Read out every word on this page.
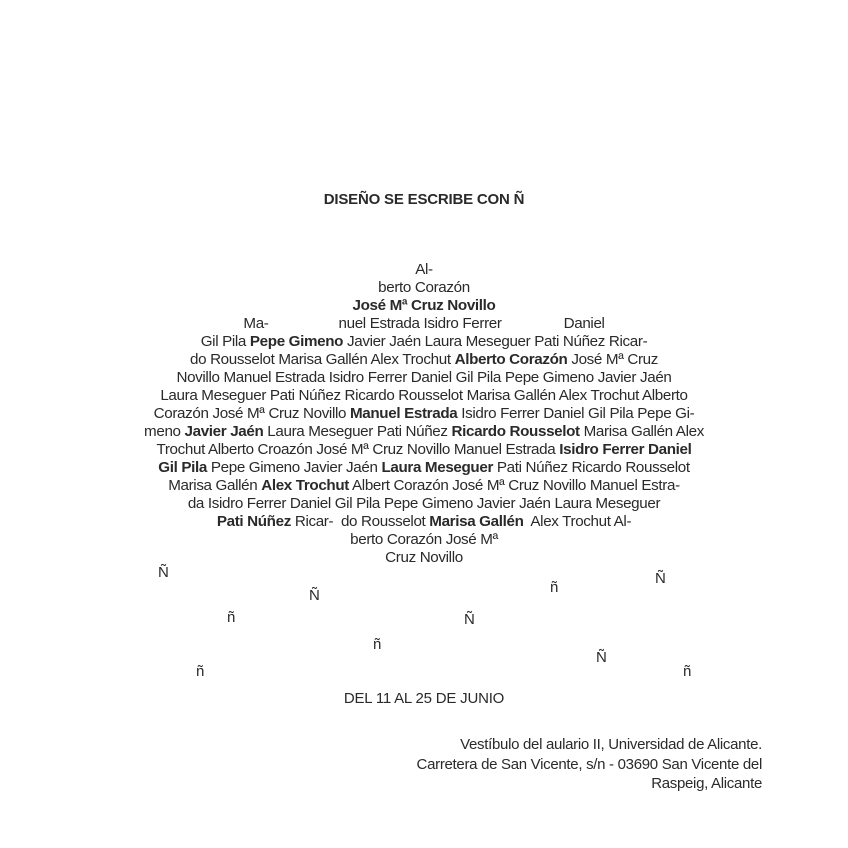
DISEÑO SE ESCRIBE CON Ñ
Al-
berto Corazón
José Mª Cruz Novillo
Ma-	nuel Estrada Isidro Ferrer	Daniel
Gil Pila Pepe Gimeno Javier Jaén Laura Meseguer Pati Núñez Ricar-
do Rousselot Marisa Gallén Alex Trochut Alberto Corazón José Mª Cruz
Novillo Manuel Estrada Isidro Ferrer Daniel Gil Pila Pepe Gimeno Javier Jaén
Laura Meseguer Pati Núñez Ricardo Rousselot Marisa Gallén Alex Trochut Alberto
Corazón José Mª Cruz Novillo Manuel Estrada Isidro Ferrer Daniel Gil Pila Pepe Gi-
meno Javier Jaén Laura Meseguer Pati Núñez Ricardo Rousselot Marisa Gallén Alex
Trochut Alberto Croazón José Mª Cruz Novillo Manuel Estrada Isidro Ferrer Daniel
Gil Pila Pepe Gimeno Javier Jaén Laura Meseguer Pati Núñez Ricardo Rousselot
Marisa Gallén Alex Trochut Albert Corazón José Mª Cruz Novillo Manuel Estra-
da Isidro Ferrer Daniel Gil Pila Pepe Gimeno Javier Jaén Laura Meseguer
Pati Núñez Ricar-  do Rousselot Marisa Gallén Alex Trochut Al-
berto Corazón José Mª
Cruz Novillo
Ñ
Ñ	ñ
Ñ
ñ	Ñ
ñ
Ñ
ñ	ñ
DEL 11 AL 25 DE JUNIO
Vestíbulo del aulario II, Universidad de Alicante.
Carretera de San Vicente, s/n - 03690 San Vicente del
Raspeig, Alicante
